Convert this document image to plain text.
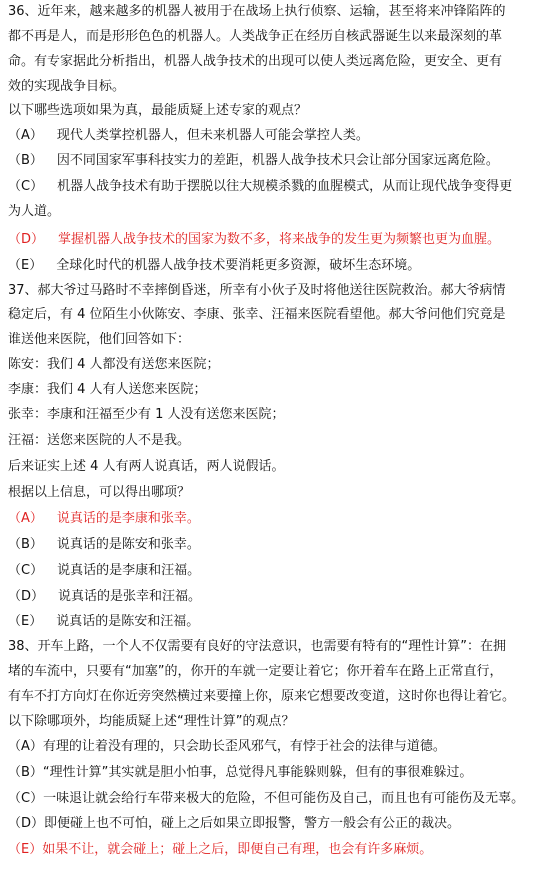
36、近年来，越来越多的机器人被用于在战场上执行侦察、运输，甚至将来冲锋陷阵的
都不再是人，而是形形色色的机器人。人类战争正在经历自核武器诞生以来最深刻的革
命。有专家据此分析指出，机器人战争技术的出现可以使人类远离危险，更安全、更有
效的实现战争目标。
以下哪些选项如果为真，最能质疑上述专家的观点？
（A） 现代人类掌控机器人，但未来机器人可能会掌控人类。
（B） 因不同国家军事科技实力的差距，机器人战争技术只会让部分国家远离危险。
（C） 机器人战争技术有助于摆脱以往大规模杀戮的血腥模式，从而让现代战争变得更
为人道。
（D） 掌握机器人战争技术的国家为数不多，将来战争的发生更为频繁也更为血腥。
（E） 全球化时代的机器人战争技术要消耗更多资源，破坏生态环境。
37、郝大爷过马路时不幸摔倒昏迷，所幸有小伙子及时将他送往医院救治。郝大爷病情
稳定后，有 4 位陌生小伙陈安、李康、张幸、汪福来医院看望他。郝大爷问他们究竟是
谁送他来医院，他们回答如下：
陈安：我们 4 人都没有送您来医院；
李康：我们 4 人有人送您来医院；
张幸：李康和汪福至少有 1 人没有送您来医院；
汪福：送您来医院的人不是我。
后来证实上述 4 人有两人说真话，两人说假话。
根据以上信息，可以得出哪项？
（A） 说真话的是李康和张幸。
（B） 说真话的是陈安和张幸。
（C） 说真话的是李康和汪福。
（D） 说真话的是张幸和汪福。
（E） 说真话的是陈安和汪福。
38、开车上路，一个人不仅需要有良好的守法意识，也需要有特有的“理性计算”：在拥
堵的车流中，只要有“加塞”的，你开的车就一定要让着它；你开着车在路上正常直行，
有车不打方向灯在你近旁突然横过来要撞上你，原来它想要改变道，这时你也得让着它。
以下除哪项外，均能质疑上述“理性计算”的观点？
（A）有理的让着没有理的，只会助长歪风邪气，有悖于社会的法律与道德。
（B）“理性计算”其实就是胆小怕事，总觉得凡事能躲则躲，但有的事很难躲过。
（C）一味退让就会给行车带来极大的危险，不但可能伤及自己，而且也有可能伤及无辜。
（D）即便碰上也不可怕，碰上之后如果立即报警，警方一般会有公正的裁决。
（E）如果不让，就会碰上；碰上之后，即便自己有理，也会有许多麻烦。
